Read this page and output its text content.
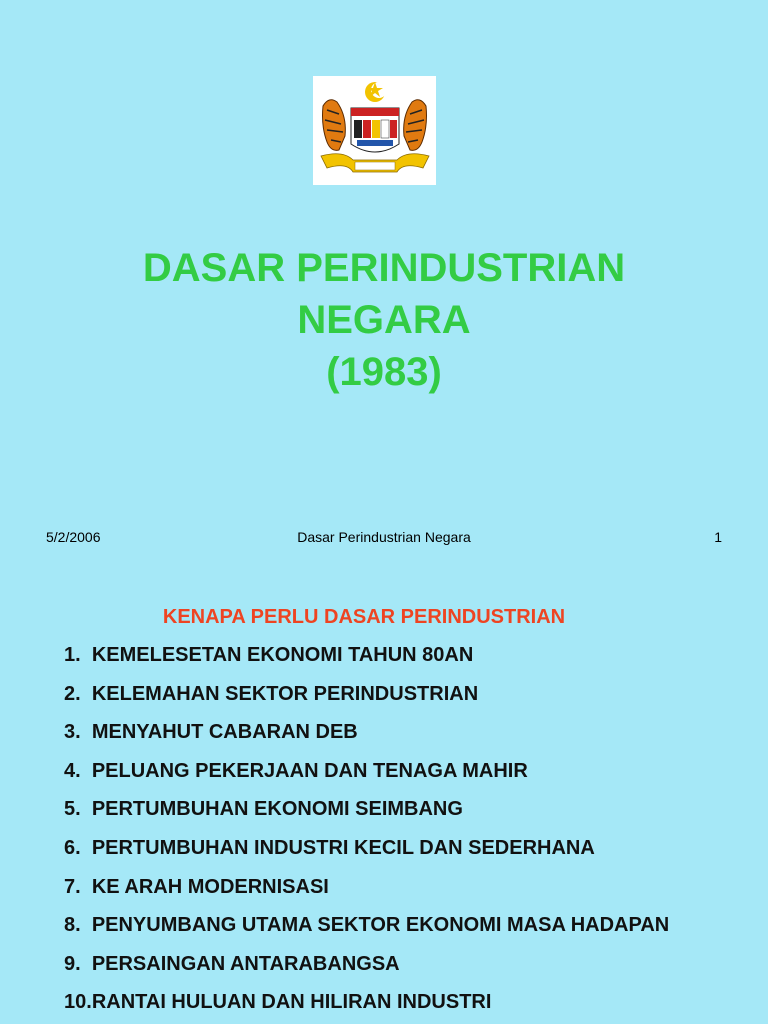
DASAR PERINDUSTRIAN
NEGARA
(1983)
Dasar Perindustrian Negara
5/2/2006	1
KENAPA PERLU DASAR PERINDUSTRIAN
1. KEMELESETAN EKONOMI TAHUN 80AN
2. KELEMAHAN SEKTOR PERINDUSTRIAN
3. MENYAHUT CABARAN DEB
4. PELUANG PEKERJAAN DAN TENAGA MAHIR
5. PERTUMBUHAN EKONOMI SEIMBANG
6. PERTUMBUHAN INDUSTRI KECIL DAN SEDERHANA
7. KE ARAH MODERNISASI
8. PENYUMBANG UTAMA SEKTOR EKONOMI MASA HADAPAN
9. PERSAINGAN ANTARABANGSA
10.RANTAI HULUAN DAN HILIRAN INDUSTRI
